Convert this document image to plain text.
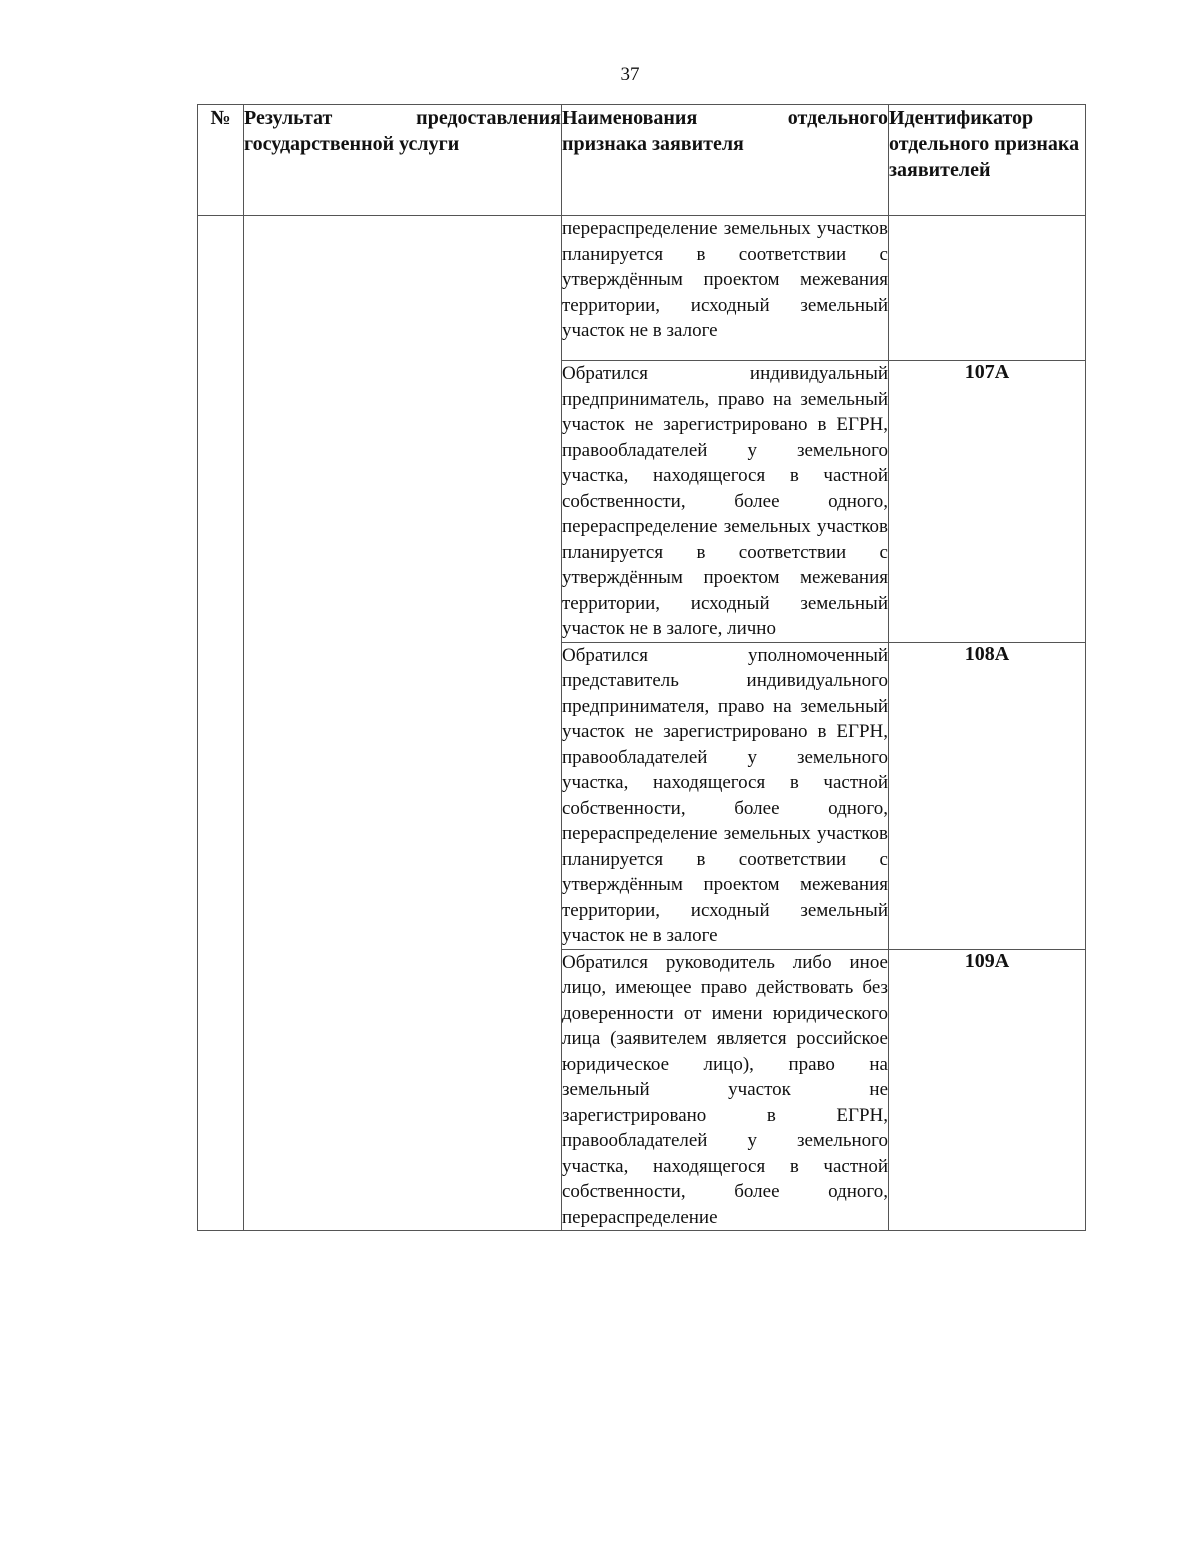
37
№	Результат предоставления государственной услуги	Наименования отдельного признака заявителя	Идентификатор отдельного признака заявителей
		перераспределение земельных участков планируется в соответствии с утверждённым проектом межевания территории, исходный земельный участок не в залоге	
		Обратился индивидуальный предприниматель, право на земельный участок не зарегистрировано в ЕГРН, правообладателей у земельного участка, находящегося в частной собственности, более одного, перераспределение земельных участков планируется в соответствии с утверждённым проектом межевания территории, исходный земельный участок не в залоге, лично	107А
		Обратился уполномоченный представитель индивидуального предпринимателя, право на земельный участок не зарегистрировано в ЕГРН, правообладателей у земельного участка, находящегося в частной собственности, более одного, перераспределение земельных участков планируется в соответствии с утверждённым проектом межевания территории, исходный земельный участок не в залоге	108А
		Обратился руководитель либо иное лицо, имеющее право действовать без доверенности от имени юридического лица (заявителем является российское юридическое лицо), право на земельный участок не зарегистрировано в ЕГРН, правообладателей у земельного участка, находящегося в частной собственности, более одного, перераспределение	109А
